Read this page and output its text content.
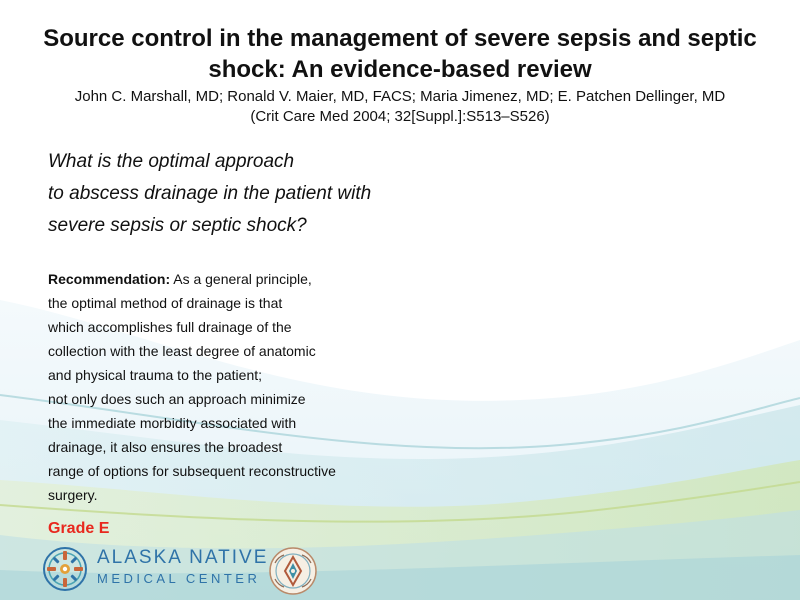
Source control in the management of severe sepsis and septic
shock: An evidence-based review
John C. Marshall, MD; Ronald V. Maier, MD, FACS; Maria Jimenez, MD; E. Patchen Dellinger, MD
(Crit Care Med 2004; 32[Suppl.]:S513–S526)
What is the optimal approach
to abscess drainage in the patient with
severe sepsis or septic shock?
Recommendation: As a general principle,
the optimal method of drainage is that
which accomplishes full drainage of the
collection with the least degree of anatomic
and physical trauma to the patient;
not only does such an approach minimize
the immediate morbidity associated with
drainage, it also ensures the broadest
range of options for subsequent reconstructive
surgery.
Grade E
ALASKA NATIVE
MEDICAL CENTER
